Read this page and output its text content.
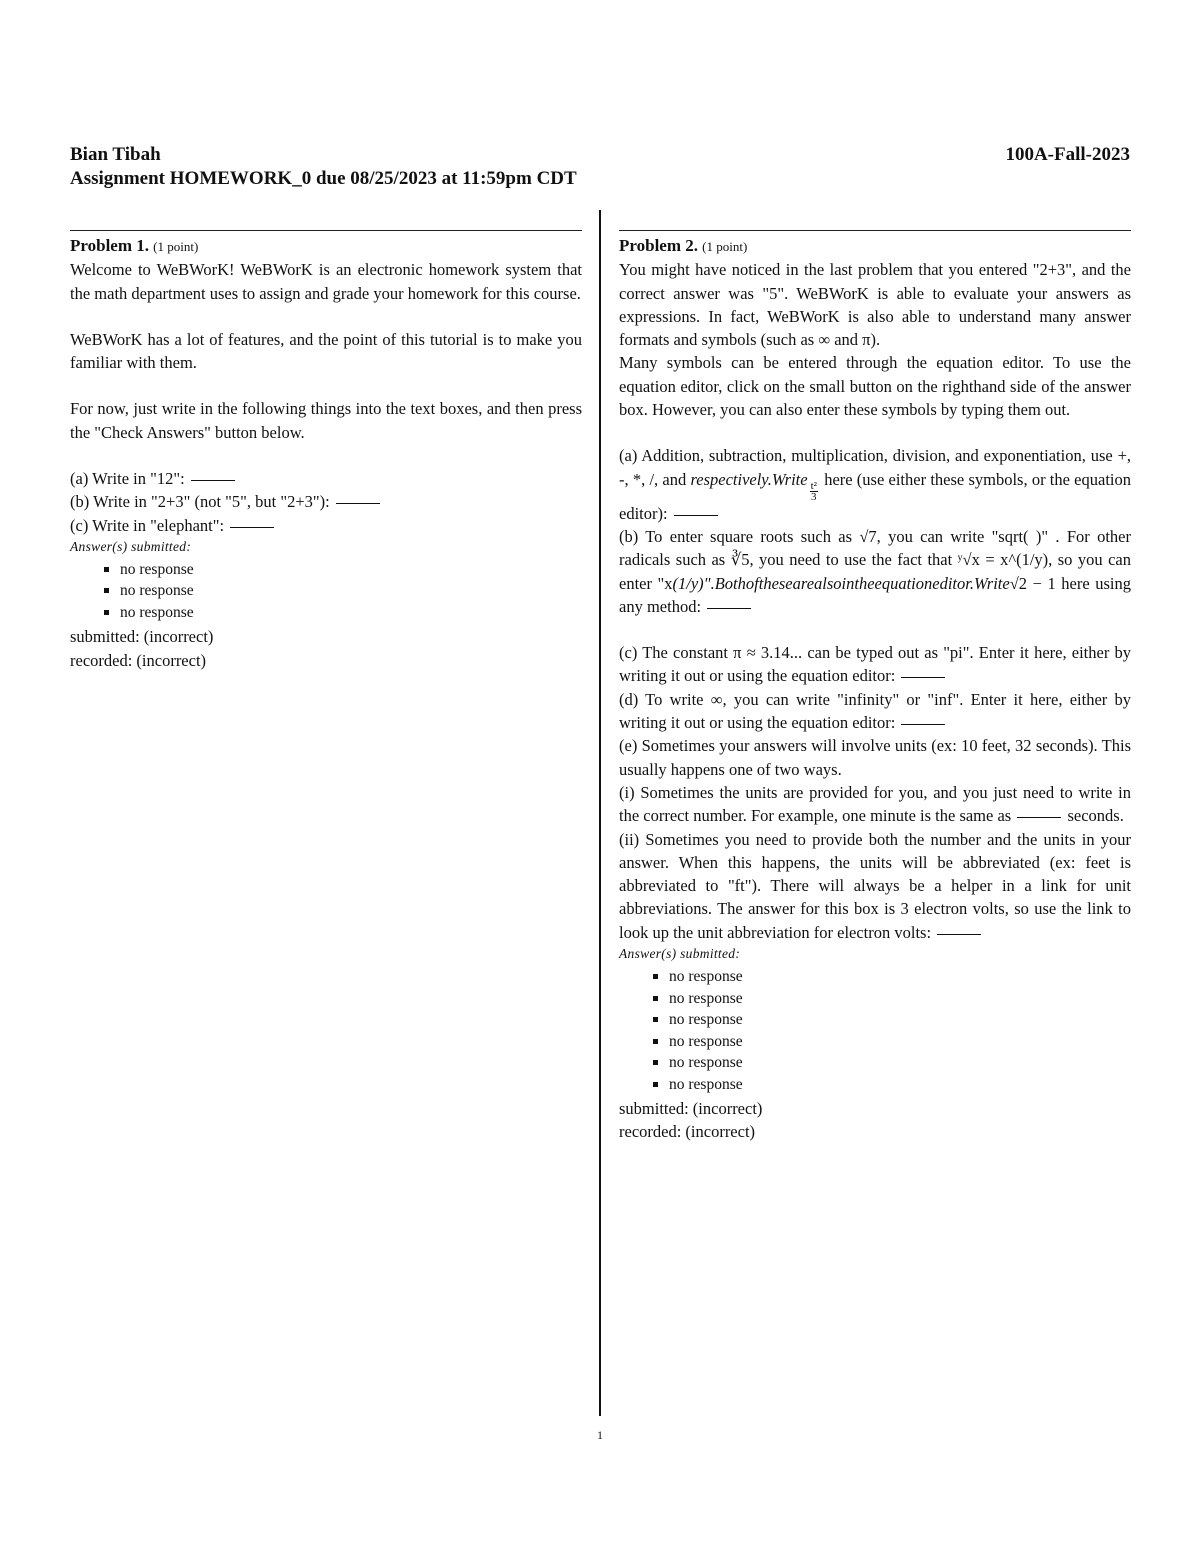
Bian Tibah	100A-Fall-2023
Assignment HOMEWORK_0 due 08/25/2023 at 11:59pm CDT
Problem 1. (1 point)

Welcome to WeBWorK! WeBWorK is an electronic homework system that the math department uses to assign and grade your homework for this course.

WeBWorK has a lot of features, and the point of this tutorial is to make you familiar with them.

For now, just write in the following things into the text boxes, and then press the "Check Answers" button below.

(a) Write in "12":

(b) Write in "2+3" (not "5", but "2+3"):

(c) Write in "elephant":

Answer(s) submitted:
no response
no response
no response

submitted: (incorrect)

recorded: (incorrect)

Problem 2. (1 point)

You might have noticed in the last problem that you entered "2+3", and the correct answer was "5". WeBWorK is able to evaluate your answers as expressions. In fact, WeBWorK is also able to understand many answer formats and symbols (such as ∞ and π).

Many symbols can be entered through the equation editor. To use the equation editor, click on the small button on the righthand side of the answer box. However, you can also enter these symbols by typing them out.

(a) Addition, subtraction, multiplication, division, and exponentiation, use +, -, *, /, and respectively.Write
$\frac{\text{t²}}{3}$
here (use either these symbols, or the equation editor):

(b) To enter square roots such as √7, you can write "sqrt( )" . For other radicals such as ∛5, you need to use the fact that ʸ√x = x^(1/y), so you can enter "x(1/y)".Bothofthesearealsointheequationeditor.Write√2 − 1 here using any method:

(c) The constant π ≈ 3.14... can be typed out as "pi". Enter it here, either by writing it out or using the equation editor:

(d) To write ∞, you can write "infinity" or "inf". Enter it here, either by writing it out or using the equation editor:

(e) Sometimes your answers will involve units (ex: 10 feet, 32 seconds). This usually happens one of two ways.

(i) Sometimes the units are provided for you, and you just need to write in the correct number. For example, one minute is the same as	seconds.

(ii) Sometimes you need to provide both the number and the units in your answer. When this happens, the units will be abbreviated (ex: feet is abbreviated to "ft"). There will always be a helper in a link for unit abbreviations. The answer for this box is 3 electron volts, so use the link to look up the unit abbreviation for electron volts:

Answer(s) submitted:
no response
no response
no response
no response
no response
no response

submitted: (incorrect)

recorded: (incorrect)

1
